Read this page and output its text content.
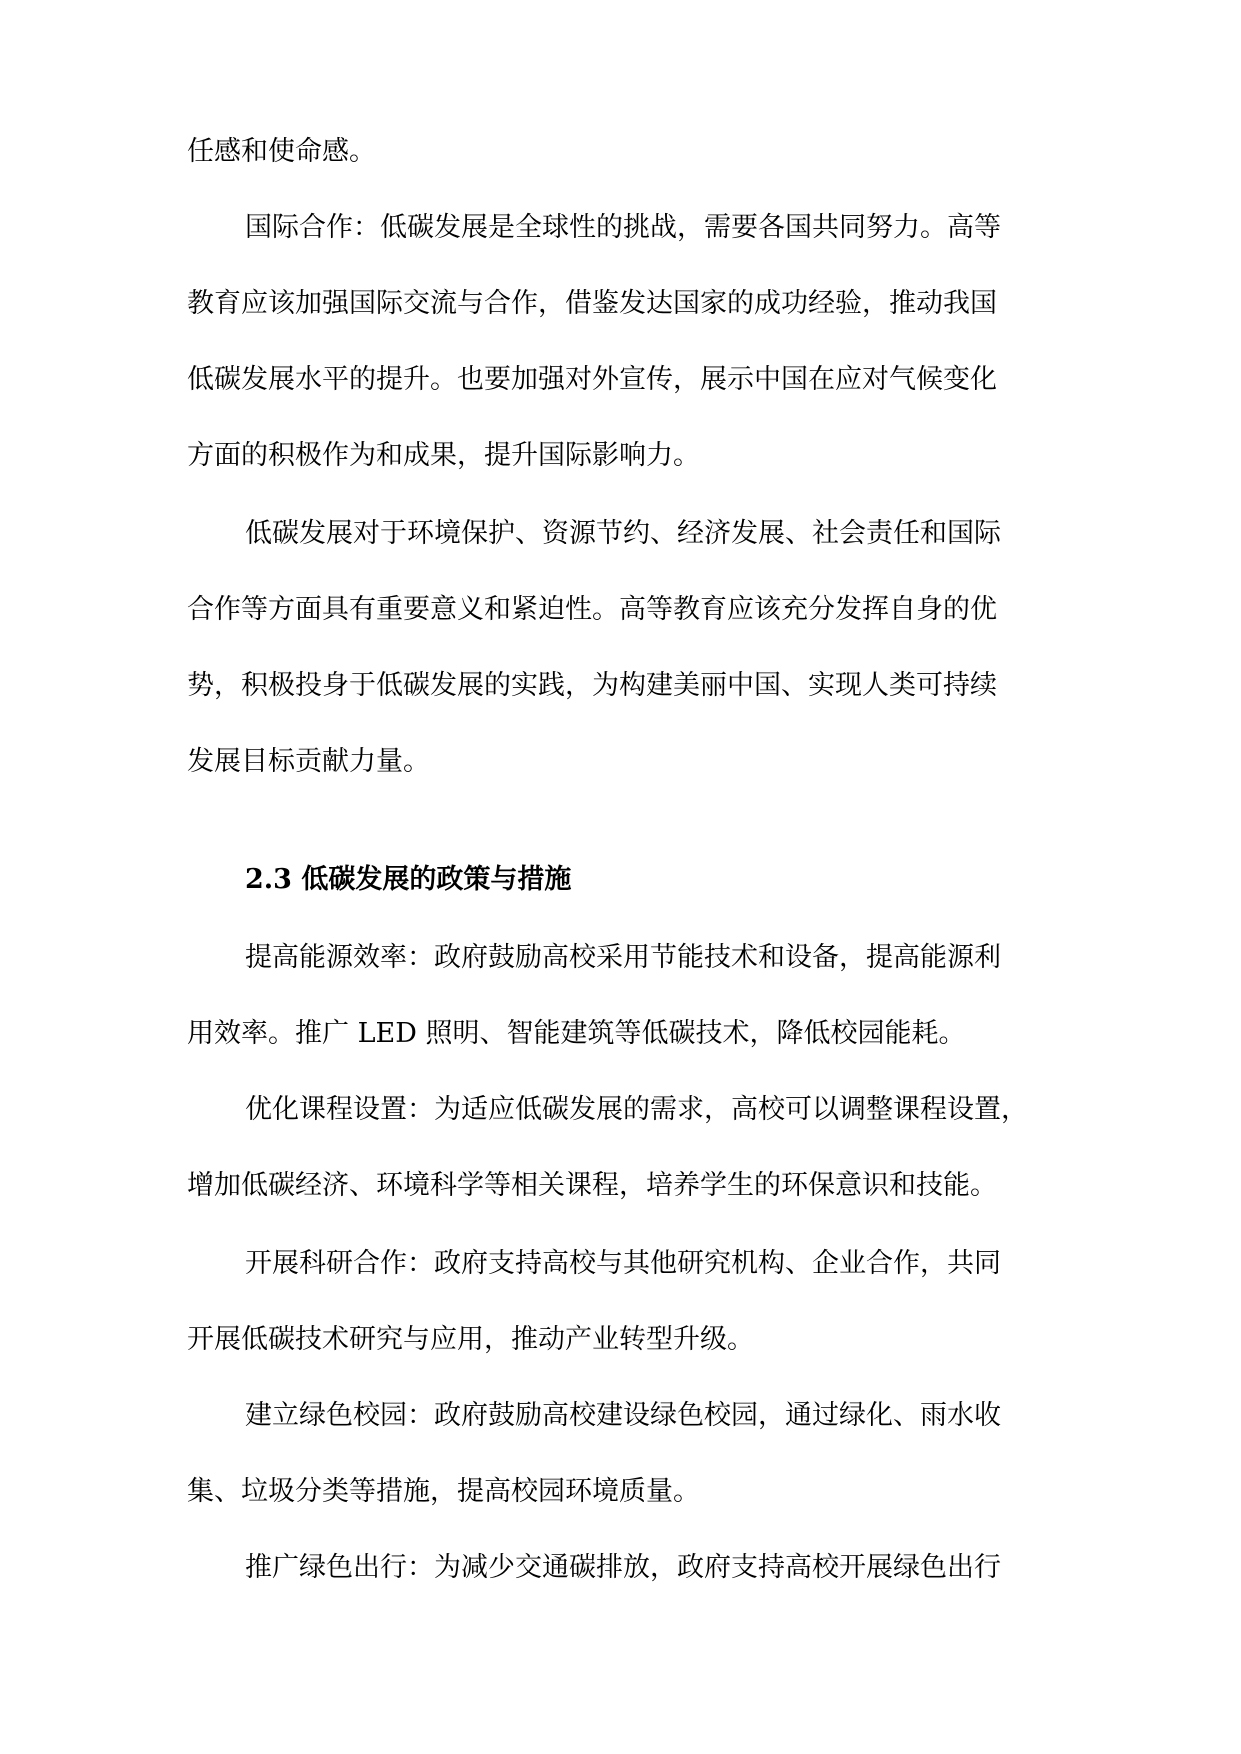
任感和使命感。
国际合作：低碳发展是全球性的挑战，需要各国共同努力。高等
教育应该加强国际交流与合作，借鉴发达国家的成功经验，推动我国
低碳发展水平的提升。也要加强对外宣传，展示中国在应对气候变化
方面的积极作为和成果，提升国际影响力。
低碳发展对于环境保护、资源节约、经济发展、社会责任和国际
合作等方面具有重要意义和紧迫性。高等教育应该充分发挥自身的优
势，积极投身于低碳发展的实践，为构建美丽中国、实现人类可持续
发展目标贡献力量。
2.3 低碳发展的政策与措施
提高能源效率：政府鼓励高校采用节能技术和设备，提高能源利
用效率。推广 LED 照明、智能建筑等低碳技术，降低校园能耗。
优化课程设置：为适应低碳发展的需求，高校可以调整课程设置，
增加低碳经济、环境科学等相关课程，培养学生的环保意识和技能。
开展科研合作：政府支持高校与其他研究机构、企业合作，共同
开展低碳技术研究与应用，推动产业转型升级。
建立绿色校园：政府鼓励高校建设绿色校园，通过绿化、雨水收
集、垃圾分类等措施，提高校园环境质量。
推广绿色出行：为减少交通碳排放，政府支持高校开展绿色出行
